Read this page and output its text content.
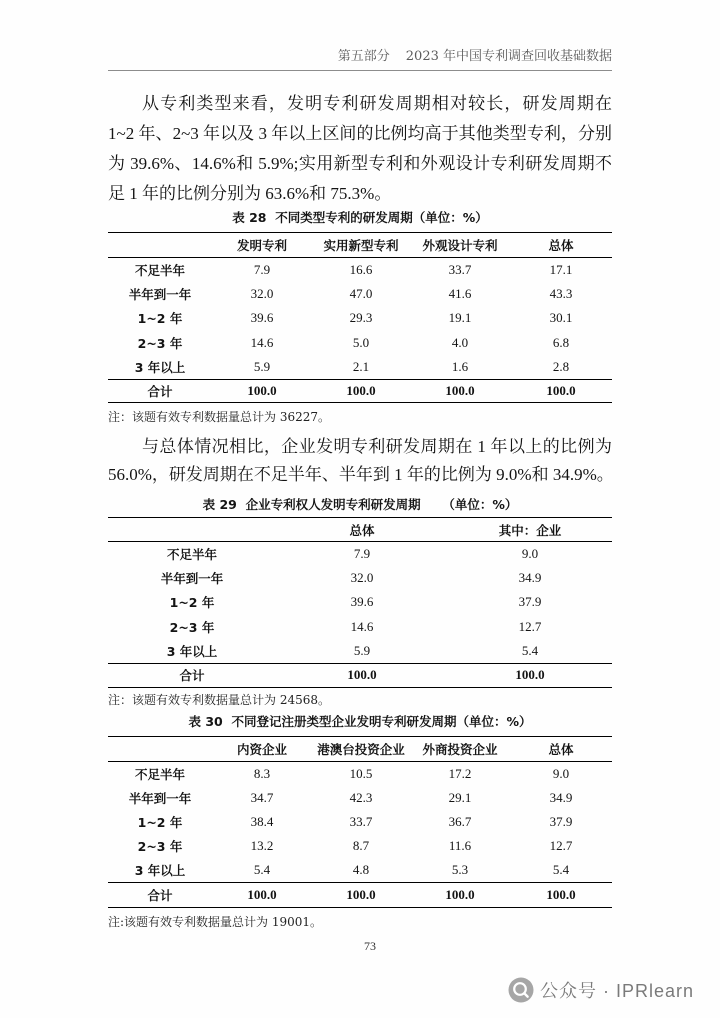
第五部分 2023 年中国专利调查回收基础数据
从专利类型来看，发明专利研发周期相对较长，研发周期在
1~2 年、2~3 年以及 3 年以上区间的比例均高于其他类型专利，分别
为 39.6%、14.6%和 5.9%;实用新型专利和外观设计专利研发周期不
足 1 年的比例分别为 63.6%和 75.3%。
表 28  不同类型专利的研发周期（单位：%）
	发明专利	实用新型专利	外观设计专利	总体
不足半年	7.9	16.6	33.7	17.1
半年到一年	32.0	47.0	41.6	43.3
1~2 年	39.6	29.3	19.1	30.1
2~3 年	14.6	5.0	4.0	6.8
3 年以上	5.9	2.1	1.6	2.8
合计	100.0	100.0	100.0	100.0
注：该题有效专利数据量总计为 36227。
与总体情况相比，企业发明专利研发周期在 1 年以上的比例为
56.0%，研发周期在不足半年、半年到 1 年的比例为 9.0%和 34.9%。
表 29  企业专利权人发明专利研发周期     （单位：%）
	总体	其中：企业
不足半年	7.9	9.0
半年到一年	32.0	34.9
1~2 年	39.6	37.9
2~3 年	14.6	12.7
3 年以上	5.9	5.4
合计	100.0	100.0
注：该题有效专利数据量总计为 24568。
表 30  不同登记注册类型企业发明专利研发周期（单位：%）
	内资企业	港澳台投资企业	外商投资企业	总体
不足半年	8.3	10.5	17.2	9.0
半年到一年	34.7	42.3	29.1	34.9
1~2 年	38.4	33.7	36.7	37.9
2~3 年	13.2	8.7	11.6	12.7
3 年以上	5.4	4.8	5.3	5.4
合计	100.0	100.0	100.0	100.0
注:该题有效专利数据量总计为 19001。
73
公众号 · IPRlearn
